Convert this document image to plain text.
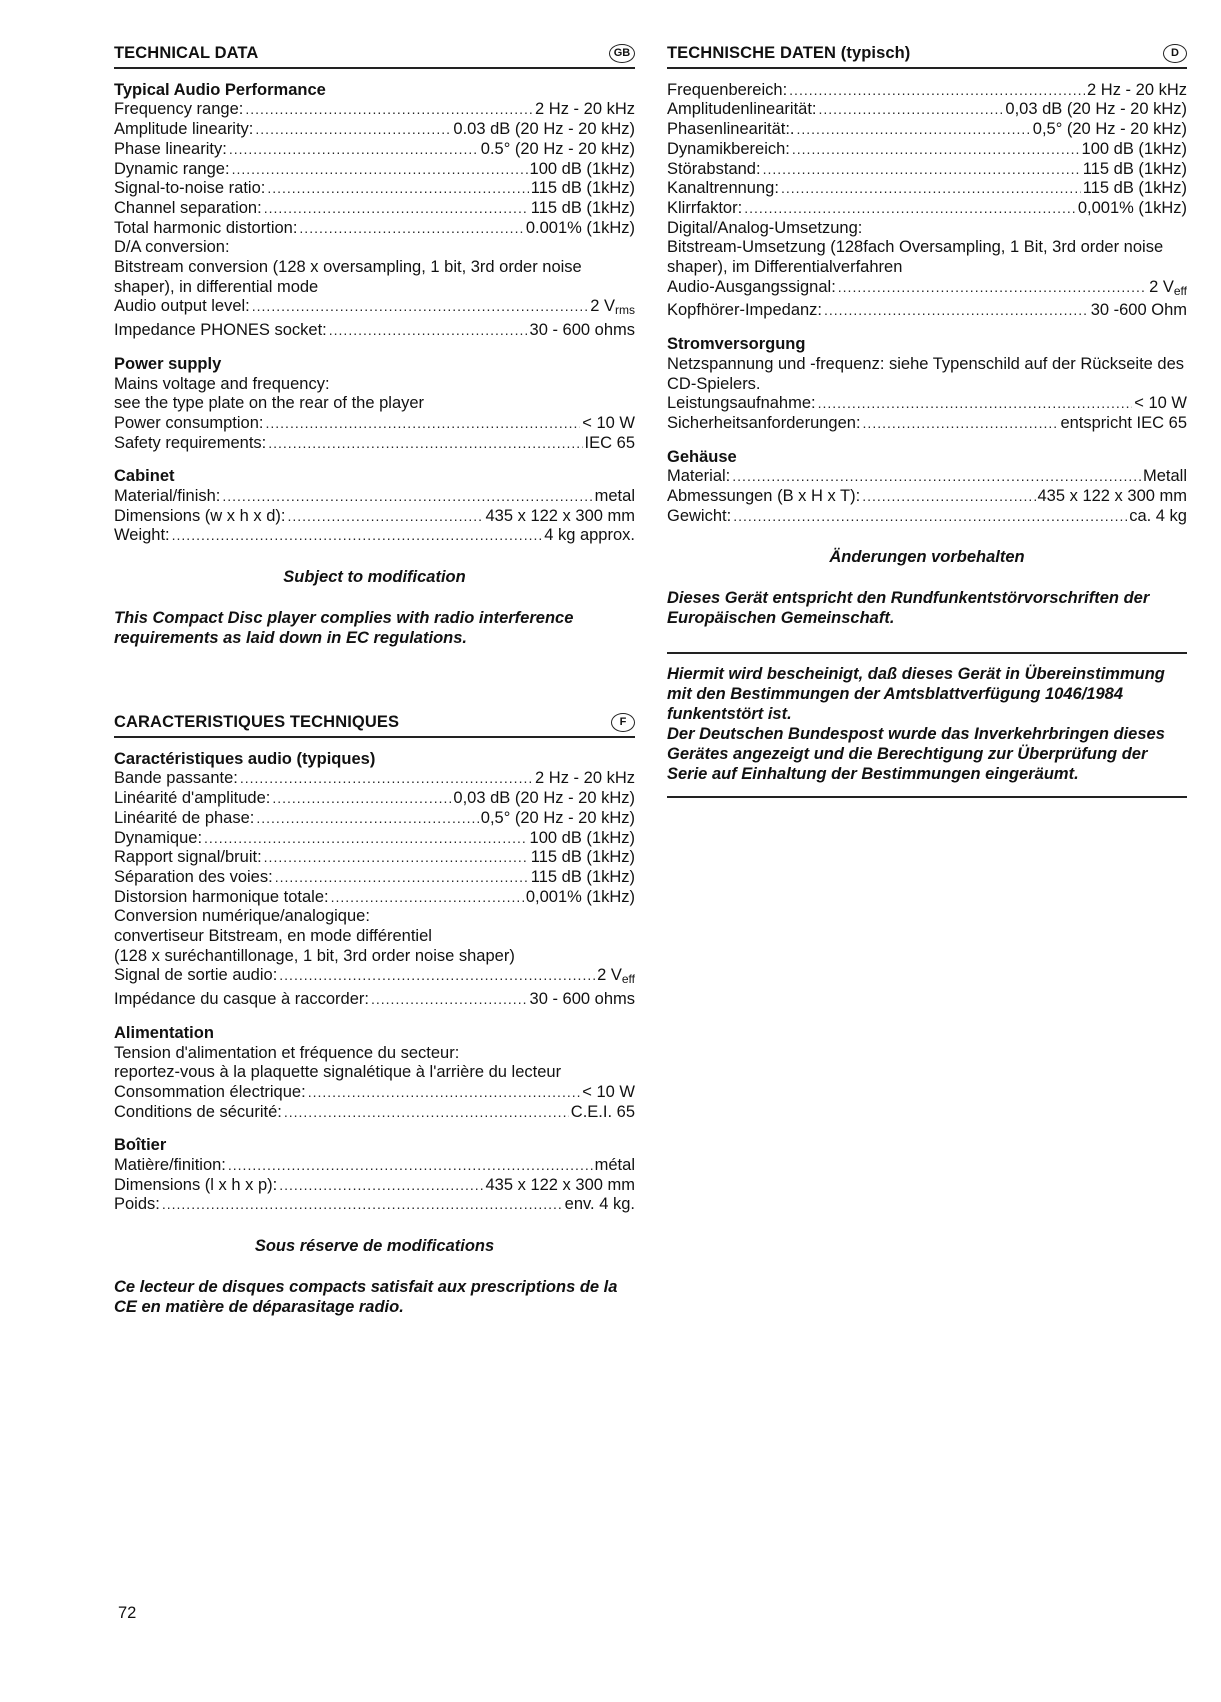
TECHNICAL DATA	GB
Typical Audio Performance
Frequency range: .....	2 Hz - 20 kHz
Amplitude linearity: .....	0.03 dB (20 Hz - 20 kHz)
Phase linearity: .....	0.5° (20 Hz - 20 kHz)
Dynamic range: .....	100 dB (1kHz)
Signal-to-noise ratio: .....	115 dB (1kHz)
Channel separation: .....	115 dB (1kHz)
Total harmonic distortion: .....	0.001% (1kHz)
D/A conversion:
Bitstream conversion (128 x oversampling, 1 bit, 3rd order noise shaper), in differential mode
Audio output level: .....	2 $V_{rms}$
Impedance PHONES socket: .....	30 - 600 ohms
Power supply
Mains voltage and frequency:
see the type plate on the rear of the player
Power consumption: .....	< 10 W
Safety requirements: .....	IEC 65
Cabinet
Material/finish: .....	metal
Dimensions (w x h x d): .....	435 x 122 x 300 mm
Weight: .....	4 kg approx.
Subject to modification
This Compact Disc player complies with radio interference requirements as laid down in EC regulations.
CARACTERISTIQUES TECHNIQUES	F
Caractéristiques audio (typiques)
Bande passante: .....	2 Hz - 20 kHz
Linéarité d'amplitude: .....	0,03 dB (20 Hz - 20 kHz)
Linéarité de phase: .....	0,5° (20 Hz - 20 kHz)
Dynamique: .....	100 dB (1kHz)
Rapport signal/bruit: .....	115 dB (1kHz)
Séparation des voies: .....	115 dB (1kHz)
Distorsion harmonique totale: .....	0,001% (1kHz)
Conversion numérique/analogique:
convertiseur Bitstream, en mode différentiel
(128 x suréchantillonage, 1 bit, 3rd order noise shaper)
Signal de sortie audio: .....	2 $V_{eff}$
Impédance du casque à raccorder: .....	30 - 600 ohms
Alimentation
Tension d'alimentation et fréquence du secteur:
reportez-vous à la plaquette signalétique à l'arrière du lecteur
Consommation électrique: .....	< 10 W
Conditions de sécurité: .....	C.E.I. 65
Boîtier
Matière/finition: .....	métal
Dimensions (l x h x p): .....	435 x 122 x 300 mm
Poids: .....	env. 4 kg.
Sous réserve de modifications
Ce lecteur de disques compacts satisfait aux prescriptions de la CE en matière de déparasitage radio.
TECHNISCHE DATEN (typisch)	D
Frequenbereich: .....	2 Hz - 20 kHz
Amplitudenlinearität: .....	0,03 dB (20 Hz - 20 kHz)
Phasenlinearität:. .....	0,5° (20 Hz - 20 kHz)
Dynamikbereich: .....	100 dB (1kHz)
Störabstand: .....	115 dB (1kHz)
Kanaltrennung: .....	115 dB (1kHz)
Klirrfaktor: .....	0,001% (1kHz)
Digital/Analog-Umsetzung:
Bitstream-Umsetzung (128fach Oversampling, 1 Bit, 3rd order noise shaper), im Differentialverfahren
Audio-Ausgangssignal: .....	2 $V_{eff}$
Kopfhörer-Impedanz: .....	30 -600 Ohm
Stromversorgung
Netzspannung und -frequenz: siehe Typenschild auf der Rückseite des CD-Spielers.
Leistungsaufnahme: .....	< 10 W
Sicherheitsanforderungen: .....	entspricht IEC 65
Gehäuse
Material: .....	Metall
Abmessungen (B x H x T): .....	435 x 122 x 300 mm
Gewicht: .....	ca. 4 kg
Änderungen vorbehalten
Dieses Gerät entspricht den Rundfunkentstörvorschriften der Europäischen Gemeinschaft.
Hiermit wird bescheinigt, daß dieses Gerät in Übereinstimmung mit den Bestimmungen der Amtsblattverfügung 1046/1984 funkentstört ist.
Der Deutschen Bundespost wurde das Inverkehrbringen dieses Gerätes angezeigt und die Berechtigung zur Überprüfung der Serie auf Einhaltung der Bestimmungen eingeräumt.
72
